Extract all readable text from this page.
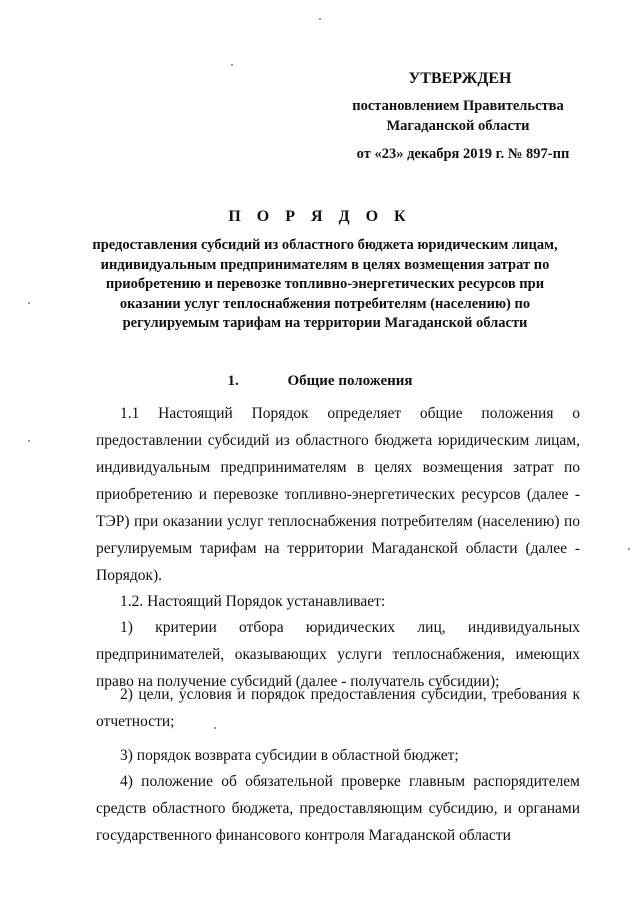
УТВЕРЖДЕН
постановлением Правительства
Магаданской области
от «23» декабря 2019 г. № 897-пп
П О Р Я Д О К
предоставления субсидий из областного бюджета юридическим лицам, индивидуальным предпринимателям в целях возмещения затрат по приобретению и перевозке топливно-энергетических ресурсов при оказании услуг теплоснабжения потребителям (населению) по регулируемым тарифам на территории Магаданской области
1.	Общие положения

1.1 Настоящий Порядок определяет общие положения о предоставлении субсидий из областного бюджета юридическим лицам, индивидуальным предпринимателям в целях возмещения затрат по приобретению и перевозке топливно-энергетических ресурсов (далее - ТЭР) при оказании услуг теплоснабжения потребителям (населению) по регулируемым тарифам на территории Магаданской области (далее - Порядок).

1.2. Настоящий Порядок устанавливает:

1) критерии отбора юридических лиц, индивидуальных предпринимателей, оказывающих услуги теплоснабжения, имеющих право на получение субсидий (далее - получатель субсидии);

2) цели, условия и порядок предоставления субсидии, требования к отчетности;

3) порядок возврата субсидии в областной бюджет;

4) положение об обязательной проверке главным распорядителем средств областного бюджета, предоставляющим субсидию, и органами государственного финансового контроля Магаданской области
